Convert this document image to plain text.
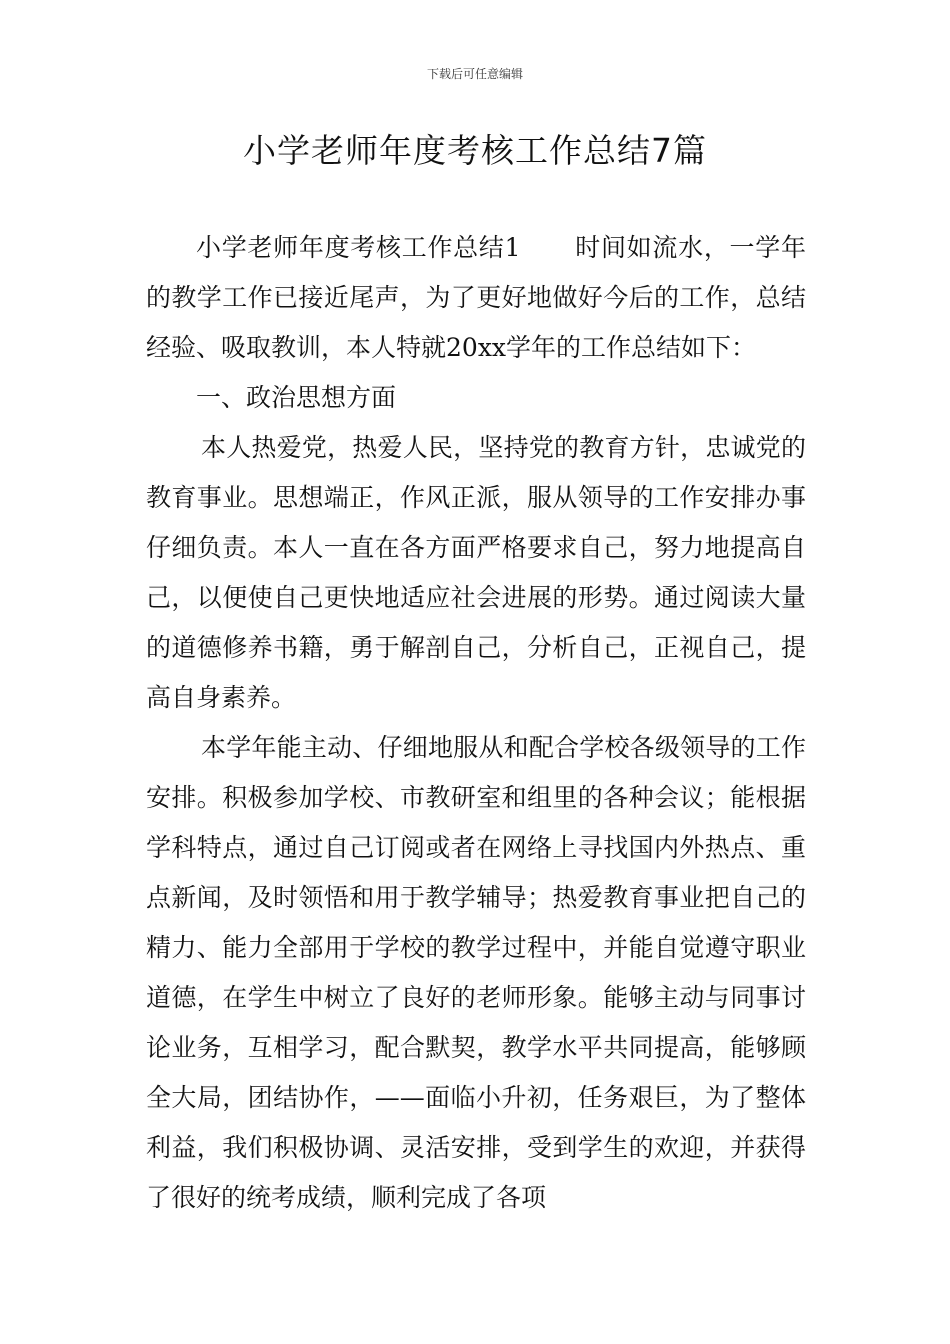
下载后可任意编辑
小学老师年度考核工作总结7篇

小学老师年度考核工作总结1 时间如流水，一学年的教学工作已接近尾声，为了更好地做好今后的工作，总结经验、吸取教训，本人特就20xx学年的工作总结如下：

一、政治思想方面

本人热爱党，热爱人民，坚持党的教育方针，忠诚党的教育事业。思想端正，作风正派，服从领导的工作安排办事仔细负责。本人一直在各方面严格要求自己，努力地提高自己，以便使自己更快地适应社会进展的形势。通过阅读大量的道德修养书籍，勇于解剖自己，分析自己，正视自己，提高自身素养。

本学年能主动、仔细地服从和配合学校各级领导的工作安排。积极参加学校、市教研室和组里的各种会议；能根据学科特点，通过自己订阅或者在网络上寻找国内外热点、重点新闻，及时领悟和用于教学辅导；热爱教育事业把自己的精力、能力全部用于学校的教学过程中，并能自觉遵守职业道德，在学生中树立了良好的老师形象。能够主动与同事讨论业务，互相学习，配合默契，教学水平共同提高，能够顾全大局，团结协作，——面临小升初，任务艰巨，为了整体利益，我们积极协调、灵活安排，受到学生的欢迎，并获得了很好的统考成绩，顺利完成了各项
